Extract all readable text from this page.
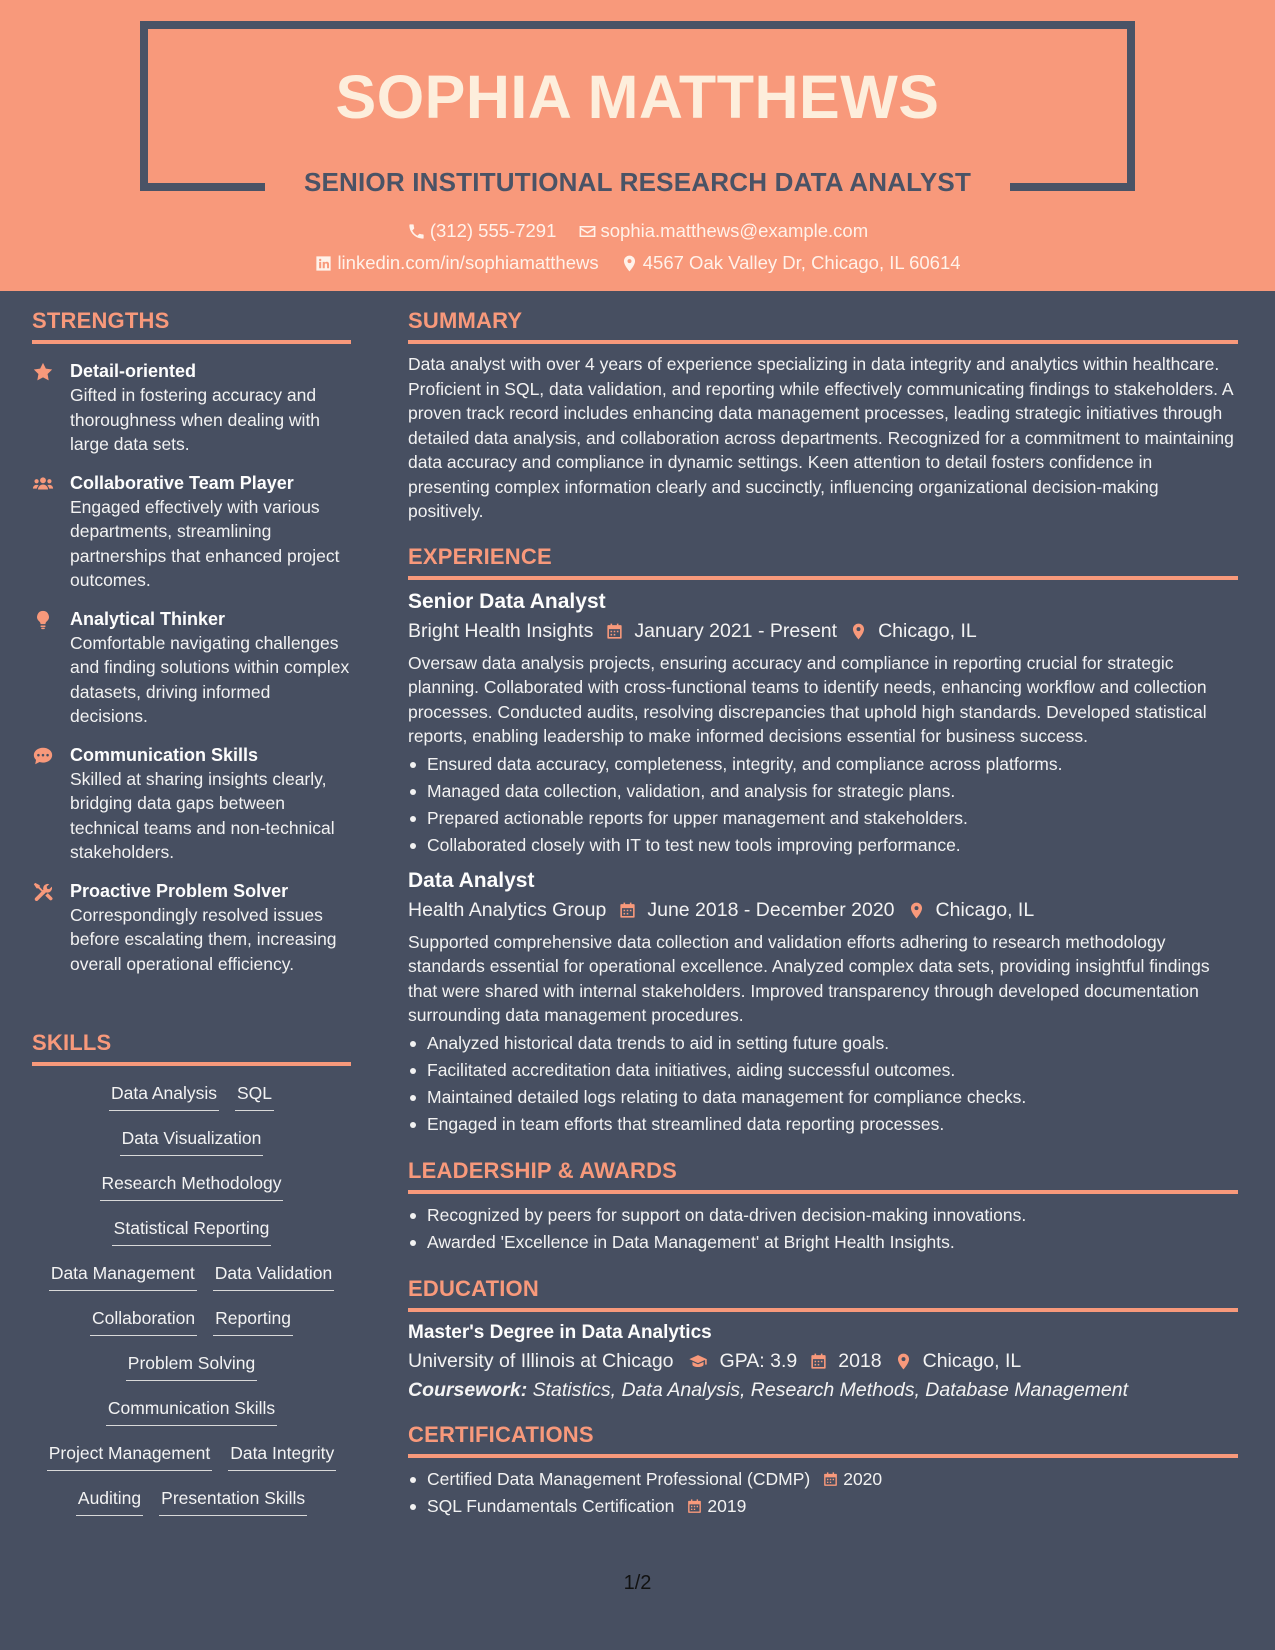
SOPHIA MATTHEWS
SENIOR INSTITUTIONAL RESEARCH DATA ANALYST
(312) 555-7291
sophia.matthews@example.com
linkedin.com/in/sophiamatthews
4567 Oak Valley Dr, Chicago, IL 60614
STRENGTHS
Detail-oriented
Gifted in fostering accuracy and thoroughness when dealing with large data sets.
Collaborative Team Player
Engaged effectively with various departments, streamlining partnerships that enhanced project outcomes.
Analytical Thinker
Comfortable navigating challenges and finding solutions within complex datasets, driving informed decisions.
Communication Skills
Skilled at sharing insights clearly, bridging data gaps between technical teams and non-technical stakeholders.
Proactive Problem Solver
Correspondingly resolved issues before escalating them, increasing overall operational efficiency.
SKILLS
Data Analysis SQL
Data Visualization
Research Methodology
Statistical Reporting
Data Management Data Validation
Collaboration Reporting
Problem Solving
Communication Skills
Project Management Data Integrity
Auditing Presentation Skills
SUMMARY
Data analyst with over 4 years of experience specializing in data integrity and analytics within healthcare. Proficient in SQL, data validation, and reporting while effectively communicating findings to stakeholders. A proven track record includes enhancing data management processes, leading strategic initiatives through detailed data analysis, and collaboration across departments. Recognized for a commitment to maintaining data accuracy and compliance in dynamic settings. Keen attention to detail fosters confidence in presenting complex information clearly and succinctly, influencing organizational decision-making positively.
EXPERIENCE
Senior Data Analyst
Bright Health Insights January 2021 - Present Chicago, IL
Oversaw data analysis projects, ensuring accuracy and compliance in reporting crucial for strategic planning. Collaborated with cross-functional teams to identify needs, enhancing workflow and collection processes. Conducted audits, resolving discrepancies that uphold high standards. Developed statistical reports, enabling leadership to make informed decisions essential for business success.
Ensured data accuracy, completeness, integrity, and compliance across platforms.
Managed data collection, validation, and analysis for strategic plans.
Prepared actionable reports for upper management and stakeholders.
Collaborated closely with IT to test new tools improving performance.
Data Analyst
Health Analytics Group June 2018 - December 2020 Chicago, IL
Supported comprehensive data collection and validation efforts adhering to research methodology standards essential for operational excellence. Analyzed complex data sets, providing insightful findings that were shared with internal stakeholders. Improved transparency through developed documentation surrounding data management procedures.
Analyzed historical data trends to aid in setting future goals.
Facilitated accreditation data initiatives, aiding successful outcomes.
Maintained detailed logs relating to data management for compliance checks.
Engaged in team efforts that streamlined data reporting processes.
LEADERSHIP & AWARDS
Recognized by peers for support on data-driven decision-making innovations.
Awarded 'Excellence in Data Management' at Bright Health Insights.
EDUCATION
Master's Degree in Data Analytics
University of Illinois at Chicago GPA: 3.9 2018 Chicago, IL
Coursework: Statistics, Data Analysis, Research Methods, Database Management
CERTIFICATIONS
Certified Data Management Professional (CDMP) 2020
SQL Fundamentals Certification 2019
1/2
